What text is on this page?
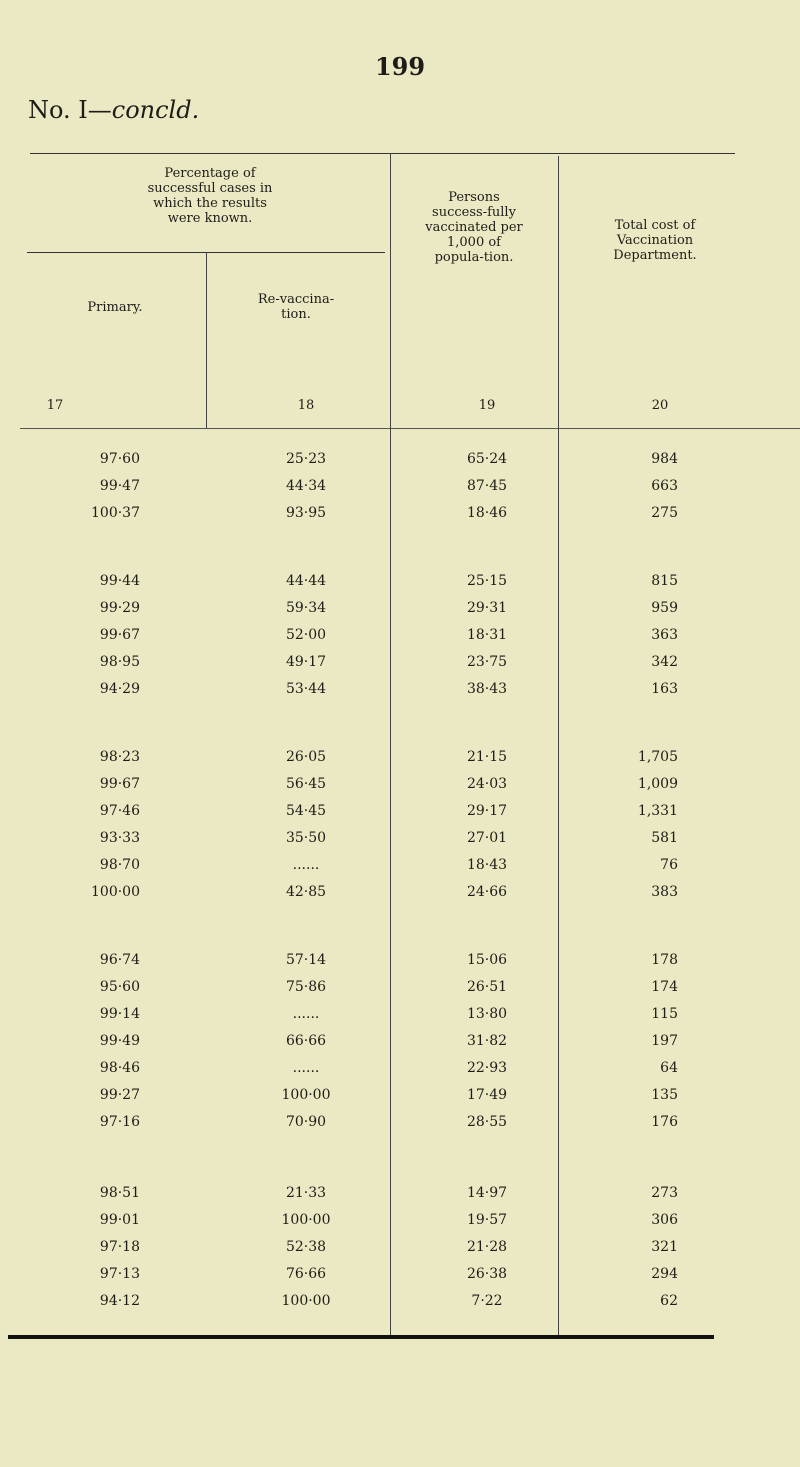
199
No. I—concld.
Percentage of successful cases in which the results were known.
Primary.
Re-vaccina-tion.
Persons success-fully vaccinated per 1,000 of popula-tion.
Total cost of Vaccination Department.
17	18	19	20
97·60	25·23	65·24	984
99·47	44·34	87·45	663
100·37	93·95	18·46	275
99·44	44·44	25·15	815
99·29	59·34	29·31	959
99·67	52·00	18·31	363
98·95	49·17	23·75	342
94·29	53·44	38·43	163
98·23	26·05	21·15	1,705
99·67	56·45	24·03	1,009
97·46	54·45	29·17	1,331
93·33	35·50	27·01	581
98·70	......	18·43	76
100·00	42·85	24·66	383
96·74	57·14	15·06	178
95·60	75·86	26·51	174
99·14	......	13·80	115
99·49	66·66	31·82	197
98·46	......	22·93	64
99·27	100·00	17·49	135
97·16	70·90	28·55	176
98·51	21·33	14·97	273
99·01	100·00	19·57	306
97·18	52·38	21·28	321
97·13	76·66	26·38	294
94·12	100·00	7·22	62
